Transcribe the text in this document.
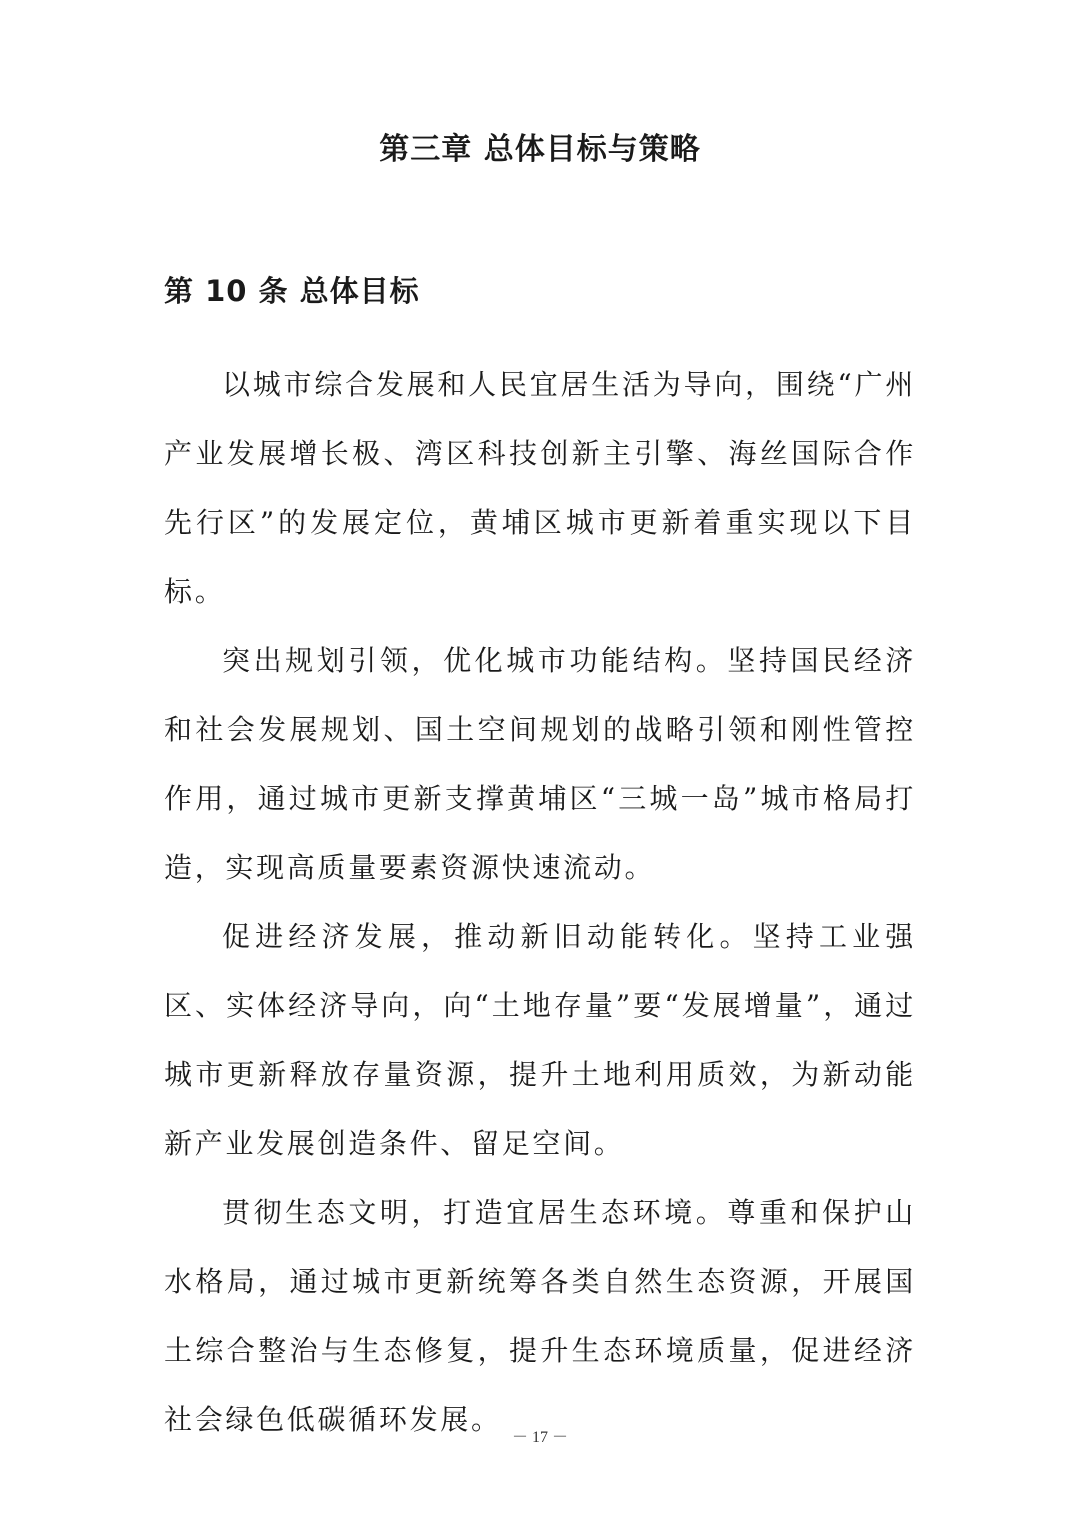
第三章 总体目标与策略
第 10 条 总体目标

以城市综合发展和人民宜居生活为导向，围绕“广州产业发展增长极、湾区科技创新主引擎、海丝国际合作先行区”的发展定位，黄埔区城市更新着重实现以下目标。

突出规划引领，优化城市功能结构。坚持国民经济和社会发展规划、国土空间规划的战略引领和刚性管控作用，通过城市更新支撑黄埔区“三城一岛”城市格局打造，实现高质量要素资源快速流动。

促进经济发展，推动新旧动能转化。坚持工业强区、实体经济导向，向“土地存量”要“发展增量”，通过城市更新释放存量资源，提升土地利用质效，为新动能新产业发展创造条件、留足空间。

贯彻生态文明，打造宜居生态环境。尊重和保护山水格局，通过城市更新统筹各类自然生态资源，开展国土综合整治与生态修复，提升生态环境质量，促进经济社会绿色低碳循环发展。

－ 17 －
